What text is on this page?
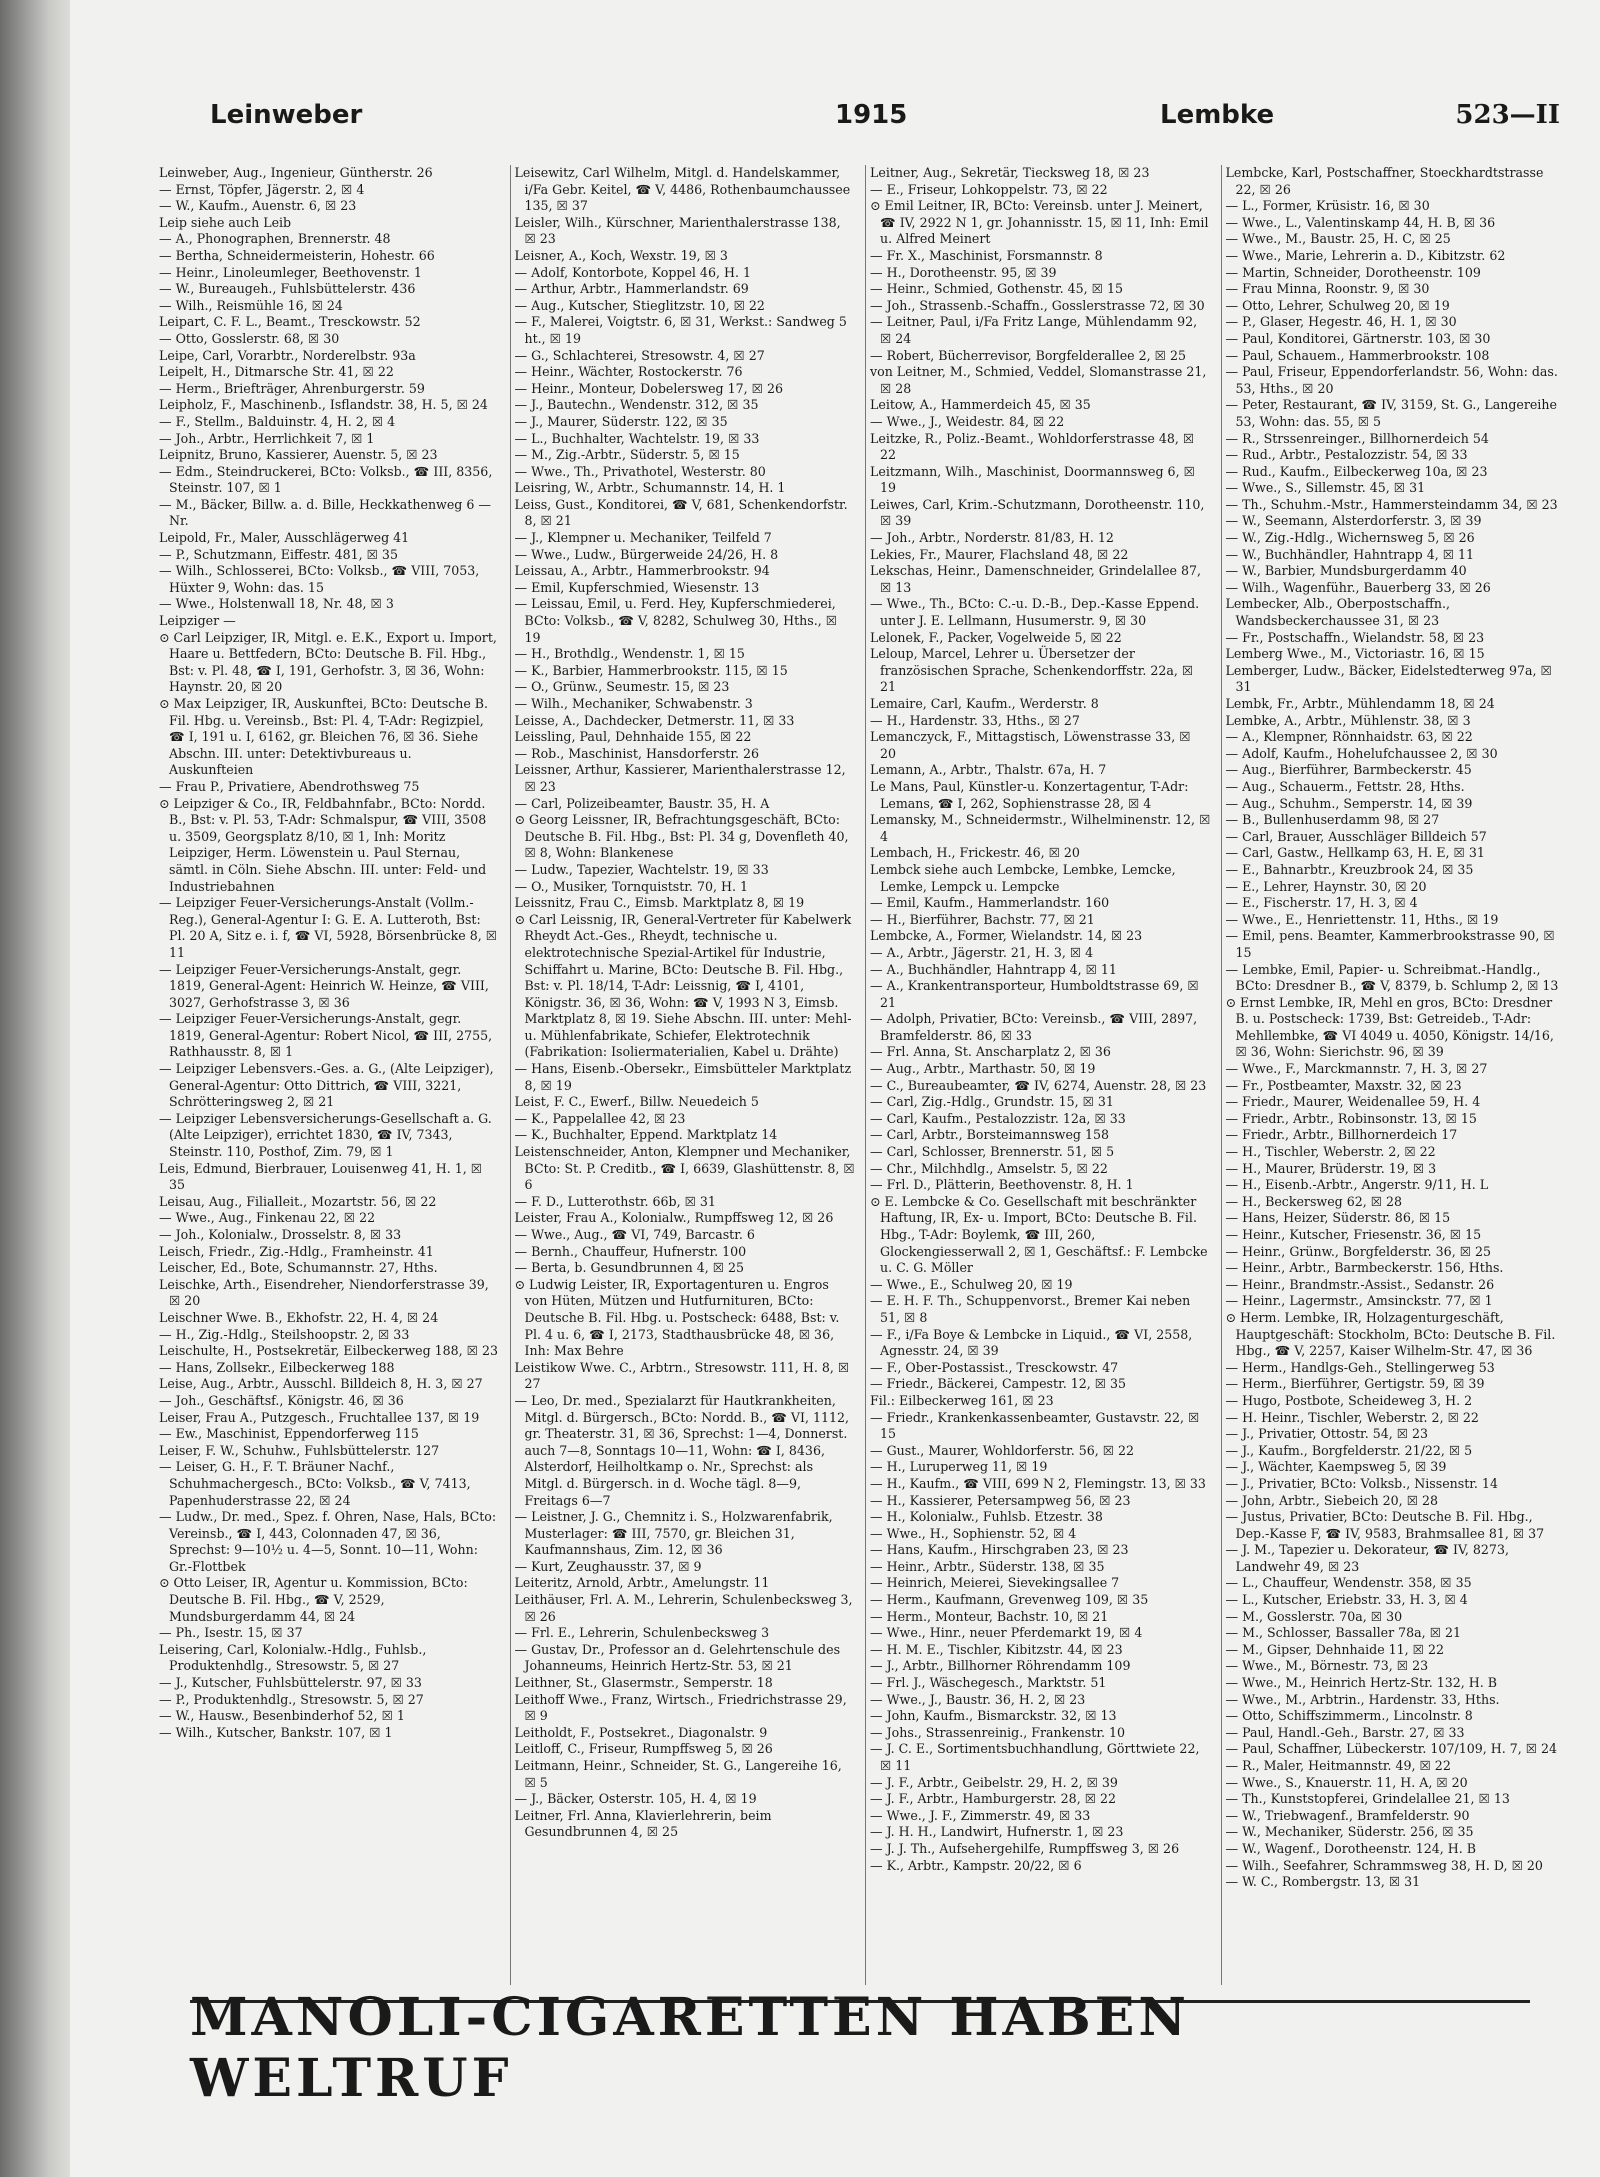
Leinweber	1915	Lembke	523—II

Leinweber, Aug., Ingenieur, Güntherstr. 26

— Ernst, Töpfer, Jägerstr. 2, ☒ 4

— W., Kaufm., Auenstr. 6, ☒ 23

Leip siehe auch Leib

— A., Phonographen, Brennerstr. 48

— Bertha, Schneidermeisterin, Hohestr. 66

— Heinr., Linoleumleger, Beethovenstr. 1

— W., Bureaugeh., Fuhlsbüttelerstr. 436

— Wilh., Reismühle 16, ☒ 24

Leipart, C. F. L., Beamt., Tresckowstr. 52

— Otto, Gosslerstr. 68, ☒ 30

Leipe, Carl, Vorarbtr., Norderelbstr. 93a

Leipelt, H., Ditmarsche Str. 41, ☒ 22

— Herm., Briefträger, Ahrenburgerstr. 59

Leipholz, F., Maschinenb., Isflandstr. 38, H. 5, ☒ 24

— F., Stellm., Balduinstr. 4, H. 2, ☒ 4

— Joh., Arbtr., Herrlichkeit 7, ☒ 1

Leipnitz, Bruno, Kassierer, Auenstr. 5, ☒ 23

— Edm., Steindruckerei, BCto: Volksb., ☎ III, 8356, Steinstr. 107, ☒ 1

— M., Bäcker, Billw. a. d. Bille, Heckkathenweg 6 — Nr.

Leipold, Fr., Maler, Ausschlägerweg 41

— P., Schutzmann, Eiffestr. 481, ☒ 35

— Wilh., Schlosserei, BCto: Volksb., ☎ VIII, 7053, Hüxter 9, Wohn: das. 15

— Wwe., Holstenwall 18, Nr. 48, ☒ 3

Leipziger —

⊙ Carl Leipziger, IR, Mitgl. e. E.K., Export u. Import, Haare u. Bettfedern, BCto: Deutsche B. Fil. Hbg., Bst: v. Pl. 48, ☎ I, 191, Gerhofstr. 3, ☒ 36, Wohn: Haynstr. 20, ☒ 20

⊙ Max Leipziger, IR, Auskunftei, BCto: Deutsche B. Fil. Hbg. u. Vereinsb., Bst: Pl. 4, T-Adr: Regizpiel, ☎ I, 191 u. I, 6162, gr. Bleichen 76, ☒ 36. Siehe Abschn. III. unter: Detektivbureaus u. Auskunfteien

— Frau P., Privatiere, Abendrothsweg 75

⊙ Leipziger & Co., IR, Feldbahnfabr., BCto: Nordd. B., Bst: v. Pl. 53, T-Adr: Schmalspur, ☎ VIII, 3508 u. 3509, Georgsplatz 8/10, ☒ 1, Inh: Moritz Leipziger, Herm. Löwenstein u. Paul Sternau, sämtl. in Cöln. Siehe Abschn. III. unter: Feld- und Industriebahnen

— Leipziger Feuer-Versicherungs-Anstalt (Vollm.-Reg.), General-Agentur I: G. E. A. Lutteroth, Bst: Pl. 20 A, Sitz e. i. f, ☎ VI, 5928, Börsenbrücke 8, ☒ 11

— Leipziger Feuer-Versicherungs-Anstalt, gegr. 1819, General-Agent: Heinrich W. Heinze, ☎ VIII, 3027, Gerhofstrasse 3, ☒ 36

— Leipziger Feuer-Versicherungs-Anstalt, gegr. 1819, General-Agentur: Robert Nicol, ☎ III, 2755, Rathhausstr. 8, ☒ 1

— Leipziger Lebensvers.-Ges. a. G., (Alte Leipziger), General-Agentur: Otto Dittrich, ☎ VIII, 3221, Schrötteringsweg 2, ☒ 21

— Leipziger Lebensversicherungs-Gesellschaft a. G. (Alte Leipziger), errichtet 1830, ☎ IV, 7343, Steinstr. 110, Posthof, Zim. 79, ☒ 1

Leis, Edmund, Bierbrauer, Louisenweg 41, H. 1, ☒ 35

Leisau, Aug., Filialleit., Mozartstr. 56, ☒ 22

— Wwe., Aug., Finkenau 22, ☒ 22

— Joh., Kolonialw., Drosselstr. 8, ☒ 33

Leisch, Friedr., Zig.-Hdlg., Framheinstr. 41

Leischer, Ed., Bote, Schumannstr. 27, Hths.

Leischke, Arth., Eisendreher, Niendorferstrasse 39, ☒ 20

Leischner Wwe. B., Ekhofstr. 22, H. 4, ☒ 24

— H., Zig.-Hdlg., Steilshoopstr. 2, ☒ 33

Leischulte, H., Postsekretär, Eilbeckerweg 188, ☒ 23

— Hans, Zollsekr., Eilbeckerweg 188

Leise, Aug., Arbtr., Ausschl. Billdeich 8, H. 3, ☒ 27

— Joh., Geschäftsf., Königstr. 46, ☒ 36

Leiser, Frau A., Putzgesch., Fruchtallee 137, ☒ 19

— Ew., Maschinist, Eppendorferweg 115

Leiser, F. W., Schuhw., Fuhlsbüttelerstr. 127

— Leiser, G. H., F. T. Bräuner Nachf., Schuhmachergesch., BCto: Volksb., ☎ V, 7413, Papenhuderstrasse 22, ☒ 24

— Ludw., Dr. med., Spez. f. Ohren, Nase, Hals, BCto: Vereinsb., ☎ I, 443, Colonnaden 47, ☒ 36, Sprechst: 9—10½ u. 4—5, Sonnt. 10—11, Wohn: Gr.-Flottbek

⊙ Otto Leiser, IR, Agentur u. Kommission, BCto: Deutsche B. Fil. Hbg., ☎ V, 2529, Mundsburgerdamm 44, ☒ 24

— Ph., Isestr. 15, ☒ 37

Leisering, Carl, Kolonialw.-Hdlg., Fuhlsb., Produktenhdlg., Stresowstr. 5, ☒ 27

— J., Kutscher, Fuhlsbüttelerstr. 97, ☒ 33

— P., Produktenhdlg., Stresowstr. 5, ☒ 27

— W., Hausw., Besenbinderhof 52, ☒ 1

— Wilh., Kutscher, Bankstr. 107, ☒ 1

Leisewitz, Carl Wilhelm, Mitgl. d. Handelskammer, i/Fa Gebr. Keitel, ☎ V, 4486, Rothenbaumchaussee 135, ☒ 37

Leisler, Wilh., Kürschner, Marienthalerstrasse 138, ☒ 23

Leisner, A., Koch, Wexstr. 19, ☒ 3

— Adolf, Kontorbote, Koppel 46, H. 1

— Arthur, Arbtr., Hammerlandstr. 69

— Aug., Kutscher, Stieglitzstr. 10, ☒ 22

— F., Malerei, Voigtstr. 6, ☒ 31, Werkst.: Sandweg 5 ht., ☒ 19

— G., Schlachterei, Stresowstr. 4, ☒ 27

— Heinr., Wächter, Rostockerstr. 76

— Heinr., Monteur, Dobelersweg 17, ☒ 26

— J., Bautechn., Wendenstr. 312, ☒ 35

— J., Maurer, Süderstr. 122, ☒ 35

— L., Buchhalter, Wachtelstr. 19, ☒ 33

— M., Zig.-Arbtr., Süderstr. 5, ☒ 15

— Wwe., Th., Privathotel, Westerstr. 80

Leisring, W., Arbtr., Schumannstr. 14, H. 1

Leiss, Gust., Konditorei, ☎ V, 681, Schenkendorfstr. 8, ☒ 21

— J., Klempner u. Mechaniker, Teilfeld 7

— Wwe., Ludw., Bürgerweide 24/26, H. 8

Leissau, A., Arbtr., Hammerbrookstr. 94

— Emil, Kupferschmied, Wiesenstr. 13

— Leissau, Emil, u. Ferd. Hey, Kupferschmiederei, BCto: Volksb., ☎ V, 8282, Schulweg 30, Hths., ☒ 19

— H., Brothdlg., Wendenstr. 1, ☒ 15

— K., Barbier, Hammerbrookstr. 115, ☒ 15

— O., Grünw., Seumestr. 15, ☒ 23

— Wilh., Mechaniker, Schwabenstr. 3

Leisse, A., Dachdecker, Detmerstr. 11, ☒ 33

Leissling, Paul, Dehnhaide 155, ☒ 22

— Rob., Maschinist, Hansdorferstr. 26

Leissner, Arthur, Kassierer, Marienthalerstrasse 12, ☒ 23

— Carl, Polizeibeamter, Baustr. 35, H. A

⊙ Georg Leissner, IR, Befrachtungsgeschäft, BCto: Deutsche B. Fil. Hbg., Bst: Pl. 34 g, Dovenfleth 40, ☒ 8, Wohn: Blankenese

— Ludw., Tapezier, Wachtelstr. 19, ☒ 33

— O., Musiker, Tornquiststr. 70, H. 1

Leissnitz, Frau C., Eimsb. Marktplatz 8, ☒ 19

⊙ Carl Leissnig, IR, General-Vertreter für Kabelwerk Rheydt Act.-Ges., Rheydt, technische u. elektrotechnische Spezial-Artikel für Industrie, Schiffahrt u. Marine, BCto: Deutsche B. Fil. Hbg., Bst: v. Pl. 18/14, T-Adr: Leissnig, ☎ I, 4101, Königstr. 36, ☒ 36, Wohn: ☎ V, 1993 N 3, Eimsb. Marktplatz 8, ☒ 19. Siehe Abschn. III. unter: Mehl- u. Mühlenfabrikate, Schiefer, Elektrotechnik (Fabrikation: Isoliermaterialien, Kabel u. Drähte)

— Hans, Eisenb.-Obersekr., Eimsbütteler Marktplatz 8, ☒ 19

Leist, F. C., Ewerf., Billw. Neuedeich 5

— K., Pappelallee 42, ☒ 23

— K., Buchhalter, Eppend. Marktplatz 14

Leistenschneider, Anton, Klempner und Mechaniker, BCto: St. P. Creditb., ☎ I, 6639, Glashüttenstr. 8, ☒ 6

— F. D., Lutterothstr. 66b, ☒ 31

Leister, Frau A., Kolonialw., Rumpffsweg 12, ☒ 26

— Wwe., Aug., ☎ VI, 749, Barcastr. 6

— Bernh., Chauffeur, Hufnerstr. 100

— Berta, b. Gesundbrunnen 4, ☒ 25

⊙ Ludwig Leister, IR, Exportagenturen u. Engros von Hüten, Mützen und Hutfurnituren, BCto: Deutsche B. Fil. Hbg. u. Postscheck: 6488, Bst: v. Pl. 4 u. 6, ☎ I, 2173, Stadthausbrücke 48, ☒ 36, Inh: Max Behre

Leistikow Wwe. C., Arbtrn., Stresowstr. 111, H. 8, ☒ 27

— Leo, Dr. med., Spezialarzt für Hautkrankheiten, Mitgl. d. Bürgersch., BCto: Nordd. B., ☎ VI, 1112, gr. Theaterstr. 31, ☒ 36, Sprechst: 1—4, Donnerst. auch 7—8, Sonntags 10—11, Wohn: ☎ I, 8436, Alsterdorf, Heilholtkamp o. Nr., Sprechst: als Mitgl. d. Bürgersch. in d. Woche tägl. 8—9, Freitags 6—7

— Leistner, J. G., Chemnitz i. S., Holzwarenfabrik, Musterlager: ☎ III, 7570, gr. Bleichen 31, Kaufmannshaus, Zim. 12, ☒ 36

— Kurt, Zeughausstr. 37, ☒ 9

Leiteritz, Arnold, Arbtr., Amelungstr. 11

Leithäuser, Frl. A. M., Lehrerin, Schulenbecksweg 3, ☒ 26

— Frl. E., Lehrerin, Schulenbecksweg 3

— Gustav, Dr., Professor an d. Gelehrtenschule des Johanneums, Heinrich Hertz-Str. 53, ☒ 21

Leithner, St., Glasermstr., Semperstr. 18

Leithoff Wwe., Franz, Wirtsch., Friedrichstrasse 29, ☒ 9

Leitholdt, F., Postsekret., Diagonalstr. 9

Leitloff, C., Friseur, Rumpffsweg 5, ☒ 26

Leitmann, Heinr., Schneider, St. G., Langereihe 16, ☒ 5

— J., Bäcker, Osterstr. 105, H. 4, ☒ 19

Leitner, Frl. Anna, Klavierlehrerin, beim Gesundbrunnen 4, ☒ 25

Leitner, Aug., Sekretär, Tiecksweg 18, ☒ 23

— E., Friseur, Lohkoppelstr. 73, ☒ 22

⊙ Emil Leitner, IR, BCto: Vereinsb. unter J. Meinert, ☎ IV, 2922 N 1, gr. Johannisstr. 15, ☒ 11, Inh: Emil u. Alfred Meinert

— Fr. X., Maschinist, Forsmannstr. 8

— H., Dorotheenstr. 95, ☒ 39

— Heinr., Schmied, Gothenstr. 45, ☒ 15

— Joh., Strassenb.-Schaffn., Gosslerstrasse 72, ☒ 30

— Leitner, Paul, i/Fa Fritz Lange, Mühlendamm 92, ☒ 24

— Robert, Bücherrevisor, Borgfelderallee 2, ☒ 25

von Leitner, M., Schmied, Veddel, Slomanstrasse 21, ☒ 28

Leitow, A., Hammerdeich 45, ☒ 35

— Wwe., J., Weidestr. 84, ☒ 22

Leitzke, R., Poliz.-Beamt., Wohldorferstrasse 48, ☒ 22

Leitzmann, Wilh., Maschinist, Doormannsweg 6, ☒ 19

Leiwes, Carl, Krim.-Schutzmann, Dorotheenstr. 110, ☒ 39

— Joh., Arbtr., Norderstr. 81/83, H. 12

Lekies, Fr., Maurer, Flachsland 48, ☒ 22

Lekschas, Heinr., Damenschneider, Grindelallee 87, ☒ 13

— Wwe., Th., BCto: C.-u. D.-B., Dep.-Kasse Eppend. unter J. E. Lellmann, Husumerstr. 9, ☒ 30

Lelonek, F., Packer, Vogelweide 5, ☒ 22

Leloup, Marcel, Lehrer u. Übersetzer der französischen Sprache, Schenkendorffstr. 22a, ☒ 21

Lemaire, Carl, Kaufm., Werderstr. 8

— H., Hardenstr. 33, Hths., ☒ 27

Lemanczyck, F., Mittagstisch, Löwenstrasse 33, ☒ 20

Lemann, A., Arbtr., Thalstr. 67a, H. 7

Le Mans, Paul, Künstler-u. Konzertagentur, T-Adr: Lemans, ☎ I, 262, Sophienstrasse 28, ☒ 4

Lemansky, M., Schneidermstr., Wilhelminenstr. 12, ☒ 4

Lembach, H., Frickestr. 46, ☒ 20

Lembck siehe auch Lembcke, Lembke, Lemcke, Lemke, Lempck u. Lempcke

— Emil, Kaufm., Hammerlandstr. 160

— H., Bierführer, Bachstr. 77, ☒ 21

Lembcke, A., Former, Wielandstr. 14, ☒ 23

— A., Arbtr., Jägerstr. 21, H. 3, ☒ 4

— A., Buchhändler, Hahntrapp 4, ☒ 11

— A., Krankentransporteur, Humboldtstrasse 69, ☒ 21

— Adolph, Privatier, BCto: Vereinsb., ☎ VIII, 2897, Bramfelderstr. 86, ☒ 33

— Frl. Anna, St. Anscharplatz 2, ☒ 36

— Aug., Arbtr., Marthastr. 50, ☒ 19

— C., Bureaubeamter, ☎ IV, 6274, Auenstr. 28, ☒ 23

— Carl, Zig.-Hdlg., Grundstr. 15, ☒ 31

— Carl, Kaufm., Pestalozzistr. 12a, ☒ 33

— Carl, Arbtr., Borsteimannsweg 158

— Carl, Schlosser, Brennerstr. 51, ☒ 5

— Chr., Milchhdlg., Amselstr. 5, ☒ 22

— Frl. D., Plätterin, Beethovenstr. 8, H. 1

⊙ E. Lembcke & Co. Gesellschaft mit beschränkter Haftung, IR, Ex- u. Import, BCto: Deutsche B. Fil. Hbg., T-Adr: Boylemk, ☎ III, 260, Glockengiesserwall 2, ☒ 1, Geschäftsf.: F. Lembcke u. C. G. Möller

— Wwe., E., Schulweg 20, ☒ 19

— E. H. F. Th., Schuppenvorst., Bremer Kai neben 51, ☒ 8

— F., i/Fa Boye & Lembcke in Liquid., ☎ VI, 2558, Agnesstr. 24, ☒ 39

— F., Ober-Postassist., Tresckowstr. 47

— Friedr., Bäckerei, Campestr. 12, ☒ 35

Fil.: Eilbeckerweg 161, ☒ 23

— Friedr., Krankenkassenbeamter, Gustavstr. 22, ☒ 15

— Gust., Maurer, Wohldorferstr. 56, ☒ 22

— H., Luruperweg 11, ☒ 19

— H., Kaufm., ☎ VIII, 699 N 2, Flemingstr. 13, ☒ 33

— H., Kassierer, Petersampweg 56, ☒ 23

— H., Kolonialw., Fuhlsb. Etzestr. 38

— Wwe., H., Sophienstr. 52, ☒ 4

— Hans, Kaufm., Hirschgraben 23, ☒ 23

— Heinr., Arbtr., Süderstr. 138, ☒ 35

— Heinrich, Meierei, Sievekingsallee 7

— Herm., Kaufmann, Grevenweg 109, ☒ 35

— Herm., Monteur, Bachstr. 10, ☒ 21

— Wwe., Hinr., neuer Pferdemarkt 19, ☒ 4

— H. M. E., Tischler, Kibitzstr. 44, ☒ 23

— J., Arbtr., Billhorner Röhrendamm 109

— Frl. J., Wäschegesch., Marktstr. 51

— Wwe., J., Baustr. 36, H. 2, ☒ 23

— John, Kaufm., Bismarckstr. 32, ☒ 13

— Johs., Strassenreinig., Frankenstr. 10

— J. C. E., Sortimentsbuchhandlung, Görttwiete 22, ☒ 11

— J. F., Arbtr., Geibelstr. 29, H. 2, ☒ 39

— J. F., Arbtr., Hamburgerstr. 28, ☒ 22

— Wwe., J. F., Zimmerstr. 49, ☒ 33

— J. H. H., Landwirt, Hufnerstr. 1, ☒ 23

— J. J. Th., Aufsehergehilfe, Rumpffsweg 3, ☒ 26

— K., Arbtr., Kampstr. 20/22, ☒ 6

Lembcke, Karl, Postschaffner, Stoeckhardtstrasse 22, ☒ 26

— L., Former, Krüsistr. 16, ☒ 30

— Wwe., L., Valentinskamp 44, H. B, ☒ 36

— Wwe., M., Baustr. 25, H. C, ☒ 25

— Wwe., Marie, Lehrerin a. D., Kibitzstr. 62

— Martin, Schneider, Dorotheenstr. 109

— Frau Minna, Roonstr. 9, ☒ 30

— Otto, Lehrer, Schulweg 20, ☒ 19

— P., Glaser, Hegestr. 46, H. 1, ☒ 30

— Paul, Konditorei, Gärtnerstr. 103, ☒ 30

— Paul, Schauem., Hammerbrookstr. 108

— Paul, Friseur, Eppendorferlandstr. 56, Wohn: das. 53, Hths., ☒ 20

— Peter, Restaurant, ☎ IV, 3159, St. G., Langereihe 53, Wohn: das. 55, ☒ 5

— R., Strssenreinger., Billhornerdeich 54

— Rud., Arbtr., Pestalozzistr. 54, ☒ 33

— Rud., Kaufm., Eilbeckerweg 10a, ☒ 23

— Wwe., S., Sillemstr. 45, ☒ 31

— Th., Schuhm.-Mstr., Hammersteindamm 34, ☒ 23

— W., Seemann, Alsterdorferstr. 3, ☒ 39

— W., Zig.-Hdlg., Wichernsweg 5, ☒ 26

— W., Buchhändler, Hahntrapp 4, ☒ 11

— W., Barbier, Mundsburgerdamm 40

— Wilh., Wagenführ., Bauerberg 33, ☒ 26

Lembecker, Alb., Oberpostschaffn., Wandsbeckerchaussee 31, ☒ 23

— Fr., Postschaffn., Wielandstr. 58, ☒ 23

Lemberg Wwe., M., Victoriastr. 16, ☒ 15

Lemberger, Ludw., Bäcker, Eidelstedterweg 97a, ☒ 31

Lembk, Fr., Arbtr., Mühlendamm 18, ☒ 24

Lembke, A., Arbtr., Mühlenstr. 38, ☒ 3

— A., Klempner, Rönnhaidstr. 63, ☒ 22

— Adolf, Kaufm., Hohelufchaussee 2, ☒ 30

— Aug., Bierführer, Barmbeckerstr. 45

— Aug., Schauerm., Fettstr. 28, Hths.

— Aug., Schuhm., Semperstr. 14, ☒ 39

— B., Bullenhuserdamm 98, ☒ 27

— Carl, Brauer, Ausschläger Billdeich 57

— Carl, Gastw., Hellkamp 63, H. E, ☒ 31

— E., Bahnarbtr., Kreuzbrook 24, ☒ 35

— E., Lehrer, Haynstr. 30, ☒ 20

— E., Fischerstr. 17, H. 3, ☒ 4

— Wwe., E., Henriettenstr. 11, Hths., ☒ 19

— Emil, pens. Beamter, Kammerbrookstrasse 90, ☒ 15

— Lembke, Emil, Papier- u. Schreibmat.-Handlg., BCto: Dresdner B., ☎ V, 8379, b. Schlump 2, ☒ 13

⊙ Ernst Lembke, IR, Mehl en gros, BCto: Dresdner B. u. Postscheck: 1739, Bst: Getreideb., T-Adr: Mehllembke, ☎ VI 4049 u. 4050, Königstr. 14/16, ☒ 36, Wohn: Sierichstr. 96, ☒ 39

— Wwe., F., Marckmannstr. 7, H. 3, ☒ 27

— Fr., Postbeamter, Maxstr. 32, ☒ 23

— Friedr., Maurer, Weidenallee 59, H. 4

— Friedr., Arbtr., Robinsonstr. 13, ☒ 15

— Friedr., Arbtr., Billhornerdeich 17

— H., Tischler, Weberstr. 2, ☒ 22

— H., Maurer, Brüderstr. 19, ☒ 3

— H., Eisenb.-Arbtr., Angerstr. 9/11, H. L

— H., Beckersweg 62, ☒ 28

— Hans, Heizer, Süderstr. 86, ☒ 15

— Heinr., Kutscher, Friesenstr. 36, ☒ 15

— Heinr., Grünw., Borgfelderstr. 36, ☒ 25

— Heinr., Arbtr., Barmbeckerstr. 156, Hths.

— Heinr., Brandmstr.-Assist., Sedanstr. 26

— Heinr., Lagermstr., Amsinckstr. 77, ☒ 1

⊙ Herm. Lembke, IR, Holzagenturgeschäft, Hauptgeschäft: Stockholm, BCto: Deutsche B. Fil. Hbg., ☎ V, 2257, Kaiser Wilhelm-Str. 47, ☒ 36

— Herm., Handlgs-Geh., Stellingerweg 53

— Herm., Bierführer, Gertigstr. 59, ☒ 39

— Hugo, Postbote, Scheideweg 3, H. 2

— H. Heinr., Tischler, Weberstr. 2, ☒ 22

— J., Privatier, Ottostr. 54, ☒ 23

— J., Kaufm., Borgfelderstr. 21/22, ☒ 5

— J., Wächter, Kaempsweg 5, ☒ 39

— J., Privatier, BCto: Volksb., Nissenstr. 14

— John, Arbtr., Siebeich 20, ☒ 28

— Justus, Privatier, BCto: Deutsche B. Fil. Hbg., Dep.-Kasse F, ☎ IV, 9583, Brahmsallee 81, ☒ 37

— J. M., Tapezier u. Dekorateur, ☎ IV, 8273, Landwehr 49, ☒ 23

— L., Chauffeur, Wendenstr. 358, ☒ 35

— L., Kutscher, Eriebstr. 33, H. 3, ☒ 4

— M., Gosslerstr. 70a, ☒ 30

— M., Schlosser, Bassaller 78a, ☒ 21

— M., Gipser, Dehnhaide 11, ☒ 22

— Wwe., M., Börnestr. 73, ☒ 23

— Wwe., M., Heinrich Hertz-Str. 132, H. B

— Wwe., M., Arbtrin., Hardenstr. 33, Hths.

— Otto, Schiffszimmerm., Lincolnstr. 8

— Paul, Handl.-Geh., Barstr. 27, ☒ 33

— Paul, Schaffner, Lübeckerstr. 107/109, H. 7, ☒ 24

— R., Maler, Heitmannstr. 49, ☒ 22

— Wwe., S., Knauerstr. 11, H. A, ☒ 20

— Th., Kunststopferei, Grindelallee 21, ☒ 13

— W., Triebwagenf., Bramfelderstr. 90

— W., Mechaniker, Süderstr. 256, ☒ 35

— W., Wagenf., Dorotheenstr. 124, H. B

— Wilh., Seefahrer, Schrammsweg 38, H. D, ☒ 20

— W. C., Rombergstr. 13, ☒ 31

MANOLI-CIGARETTEN HABEN WELTRUF
